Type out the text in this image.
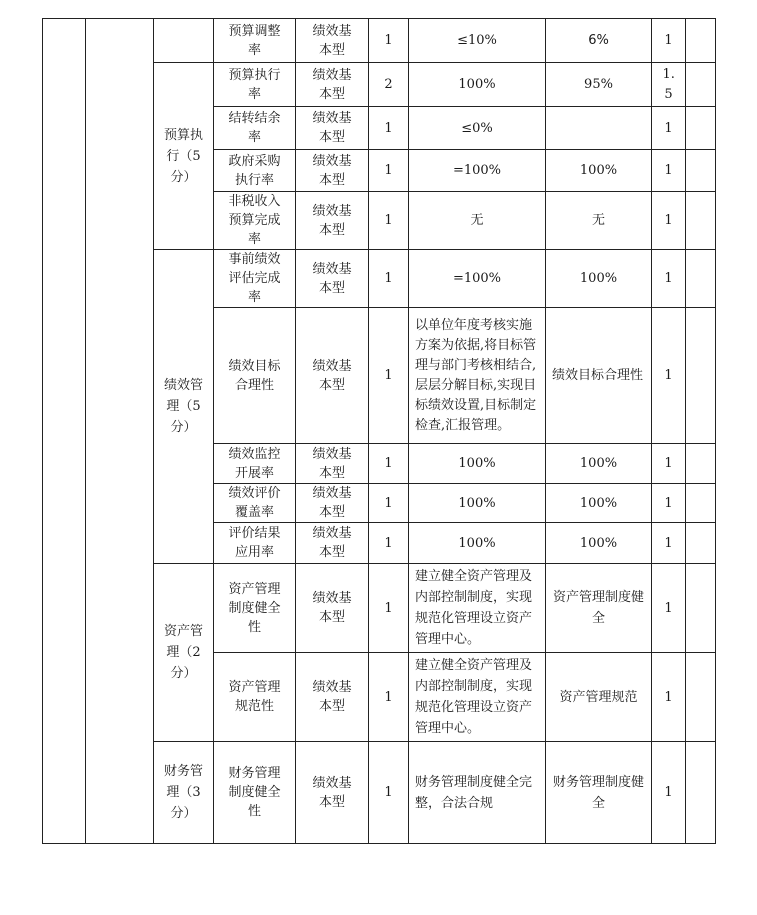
			预算调整率	绩效基本型	1	≤10%	6%	1	

		预算执行（5分）	预算执行率	绩效基本型	2	100%	95%	1.5	

			结转结余率	绩效基本型	1	≤0%		1	

			政府采购执行率	绩效基本型	1	=100%	100%	1	

			非税收入预算完成率	绩效基本型	1	无	无	1	

		绩效管理（5分）	事前绩效评估完成率	绩效基本型	1	=100%	100%	1	

			绩效目标合理性	绩效基本型	1	以单位年度考核实施方案为依据,将目标管理与部门考核相结合,层层分解目标,实现目标绩效设置,目标制定检查,汇报管理。	绩效目标合理性	1	

			绩效监控开展率	绩效基本型	1	100%	100%	1	

			绩效评价覆盖率	绩效基本型	1	100%	100%	1	

			评价结果应用率	绩效基本型	1	100%	100%	1	

		资产管理（2分）	资产管理制度健全性	绩效基本型	1	建立健全资产管理及内部控制制度，实现规范化管理设立资产管理中心。	资产管理制度健全	1	

			资产管理规范性	绩效基本型	1	建立健全资产管理及内部控制制度，实现规范化管理设立资产管理中心。	资产管理规范	1	

		财务管理（3分）	财务管理制度健全性	绩效基本型	1	财务管理制度健全完整，合法合规	财务管理制度健全	1	
